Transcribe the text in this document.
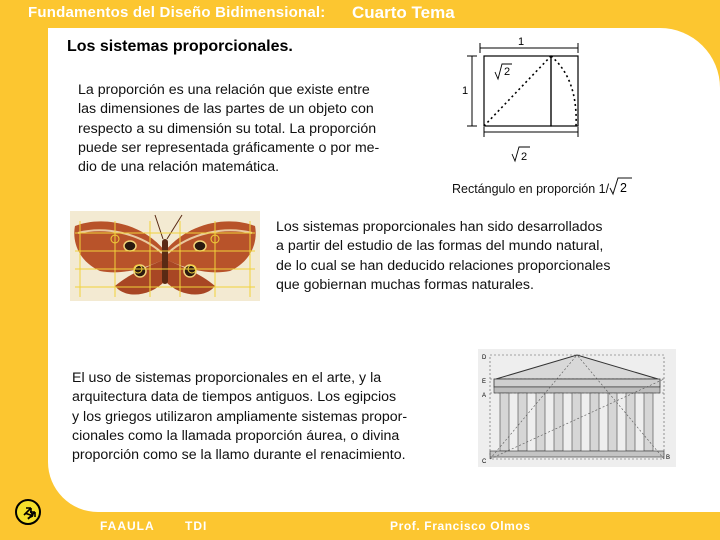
Fundamentos del Diseño Bidimensional: Cuarto Tema
Los sistemas proporcionales.
La proporción es una relación que existe entre
las dimensiones de las partes de un objeto con
respecto a su dimensión su total. La proporción
puede ser representada gráficamente o por me-
dio de una relación matemática.
1
1
2
2
Rectángulo en proporción 1/ 2
Los sistemas proporcionales han sido desarrollados
a partir del estudio de las formas del mundo natural,
de lo cual se han deducido relaciones proporcionales
que gobiernan muchas formas naturales.
El uso de sistemas proporcionales en el arte, y la
arquitectura data de tiempos antiguos. Los egipcios
y los griegos utilizaron ampliamente sistemas propor-
cionales como la llamada proporción áurea, o divina
proporción como se la llamo durante el renacimiento.
D
E
A
B
C
FAAULA	TDI	Prof. Francisco Olmos
